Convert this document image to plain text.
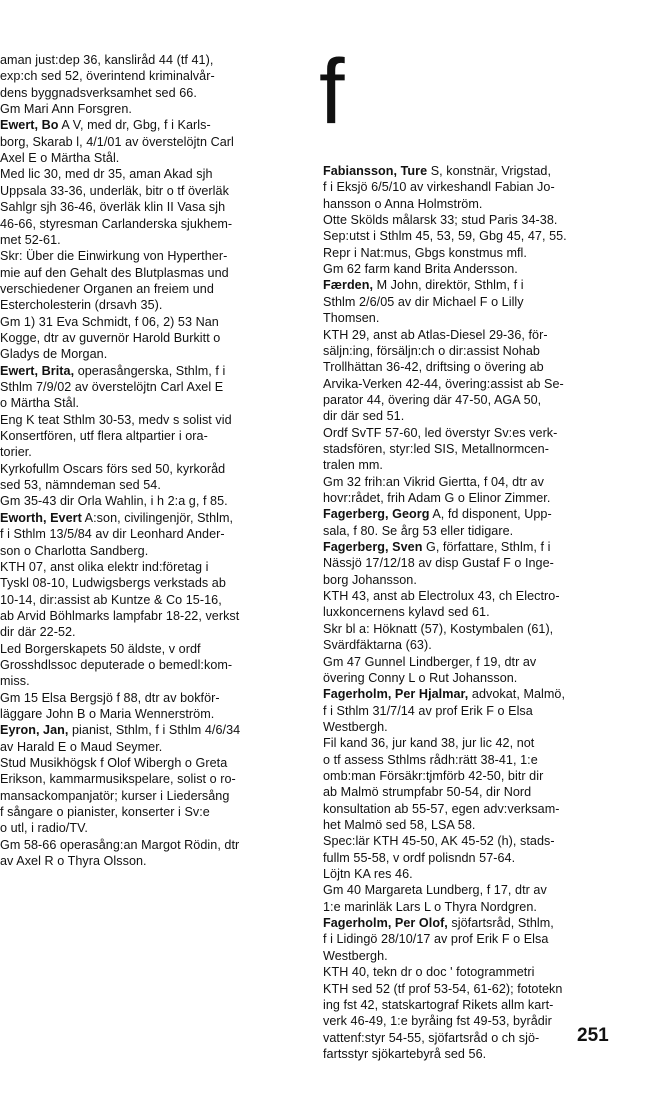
aman just:dep 36, kansliråd 44 (tf 41),
exp:ch sed 52, överintend kriminalvår-
dens byggnadsverksamhet sed 66.
Gm Mari Ann Forsgren.
Ewert, Bo A V, med dr, Gbg, f i Karls-
borg, Skarab l, 4/1/01 av överstelöjtn Carl
Axel E o Märtha Stål.
Med lic 30, med dr 35, aman Akad sjh
Uppsala 33-36, underläk, bitr o tf överläk
Sahlgr sjh 36-46, överläk klin II Vasa sjh
46-66, styresman Carlanderska sjukhem-
met 52-61.
Skr: Über die Einwirkung von Hyperther-
mie auf den Gehalt des Blutplasmas und
verschiedener Organen an freiem und
Estercholesterin (drsavh 35).
Gm 1) 31 Eva Schmidt, f 06, 2) 53 Nan
Kogge, dtr av guvernör Harold Burkitt o
Gladys de Morgan.
Ewert, Brita, operasångerska, Sthlm, f i
Sthlm 7/9/02 av överstelöjtn Carl Axel E
o Märtha Stål.
Eng K teat Sthlm 30-53, medv s solist vid
Konsertfören, utf flera altpartier i ora-
torier.
Kyrkofullm Oscars förs sed 50, kyrkoråd
sed 53, nämndeman sed 54.
Gm 35-43 dir Orla Wahlin, i h 2:a g, f 85.
Eworth, Evert A:son, civilingenjör, Sthlm,
f i Sthlm 13/5/84 av dir Leonhard Ander-
son o Charlotta Sandberg.
KTH 07, anst olika elektr ind:företag i
Tyskl 08-10, Ludwigsbergs verkstads ab
10-14, dir:assist ab Kuntze & Co 15-16,
ab Arvid Böhlmarks lampfabr 18-22, verkst
dir där 22-52.
Led Borgerskapets 50 äldste, v ordf
Grosshdlssoc deputerade o bemedl:kom-
miss.
Gm 15 Elsa Bergsjö f 88, dtr av bokför-
läggare John B o Maria Wennerström.
Eyron, Jan, pianist, Sthlm, f i Sthlm 4/6/34
av Harald E o Maud Seymer.
Stud Musikhögsk f Olof Wibergh o Greta
Erikson, kammarmusikspelare, solist o ro-
mansackompanjatör; kurser i Liedersång
f sångare o pianister, konserter i Sv:e
o utl, i radio/TV.
Gm 58-66 operasång:an Margot Rödin, dtr
av Axel R o Thyra Olsson.
f
Fabiansson, Ture S, konstnär, Vrigstad,
f i Eksjö 6/5/10 av virkeshandl Fabian Jo-
hansson o Anna Holmström.
Otte Skölds målarsk 33; stud Paris 34-38.
Sep:utst i Sthlm 45, 53, 59, Gbg 45, 47, 55.
Repr i Nat:mus, Gbgs konstmus mfl.
Gm 62 farm kand Brita Andersson.
Færden, M John, direktör, Sthlm, f i
Sthlm 2/6/05 av dir Michael F o Lilly
Thomsen.
KTH 29, anst ab Atlas-Diesel 29-36, för-
säljn:ing, försälјn:ch o dir:assist Nohab
Trollhättan 36-42, driftsing o övering ab
Arvika-Verken 42-44, övering:assist ab Se-
parator 44, övering där 47-50, AGA 50,
dir där sed 51.
Ordf SvTF 57-60, led överstyr Sv:es verk-
stadsfören, styr:led SIS, Metallnormcen-
tralen mm.
Gm 32 frih:an Vikrid Giertta, f 04, dtr av
hovr:rådet, frih Adam G o Elinor Zimmer.
Fagerberg, Georg A, fd disponent, Upp-
sala, f 80. Se årg 53 eller tidigare.
Fagerberg, Sven G, författare, Sthlm, f i
Nässjö 17/12/18 av disp Gustaf F o Inge-
borg Johansson.
KTH 43, anst ab Electrolux 43, ch Electro-
luxkoncernens kylavd sed 61.
Skr bl a: Höknatt (57), Kostymbalen (61),
Svärdfäktarna (63).
Gm 47 Gunnel Lindberger, f 19, dtr av
övering Conny L o Rut Johansson.
Fagerholm, Per Hjalmar, advokat, Malmö,
f i Sthlm 31/7/14 av prof Erik F o Elsa
Westbergh.
Fil kand 36, jur kand 38, jur lic 42, not
o tf assess Sthlms rådh:rätt 38-41, 1:e
omb:man Försäkr:tjmförb 42-50, bitr dir
ab Malmö strumpfabr 50-54, dir Nord
konsultation ab 55-57, egen adv:verksam-
het Malmö sed 58, LSA 58.
Spec:lär KTH 45-50, AK 45-52 (h), stads-
fullm 55-58, v ordf polisndn 57-64.
Löjtn KA res 46.
Gm 40 Margareta Lundberg, f 17, dtr av
1:e marinläk Lars L o Thyra Nordgren.
Fagerholm, Per Olof, sjöfartsråd, Sthlm,
f i Lidingö 28/10/17 av prof Erik F o Elsa
Westbergh.
KTH 40, tekn dr o doc ' fotogrammetri
KTH sed 52 (tf prof 53-54, 61-62); fototekn
ing fst 42, statskartograf Rikets allm kart-
verk 46-49, 1:e byråing fst 49-53, byrådir
vattenf:styr 54-55, sjöfartsråd o ch sjö-
fartsstyr sjökartebyrå sed 56.
251
